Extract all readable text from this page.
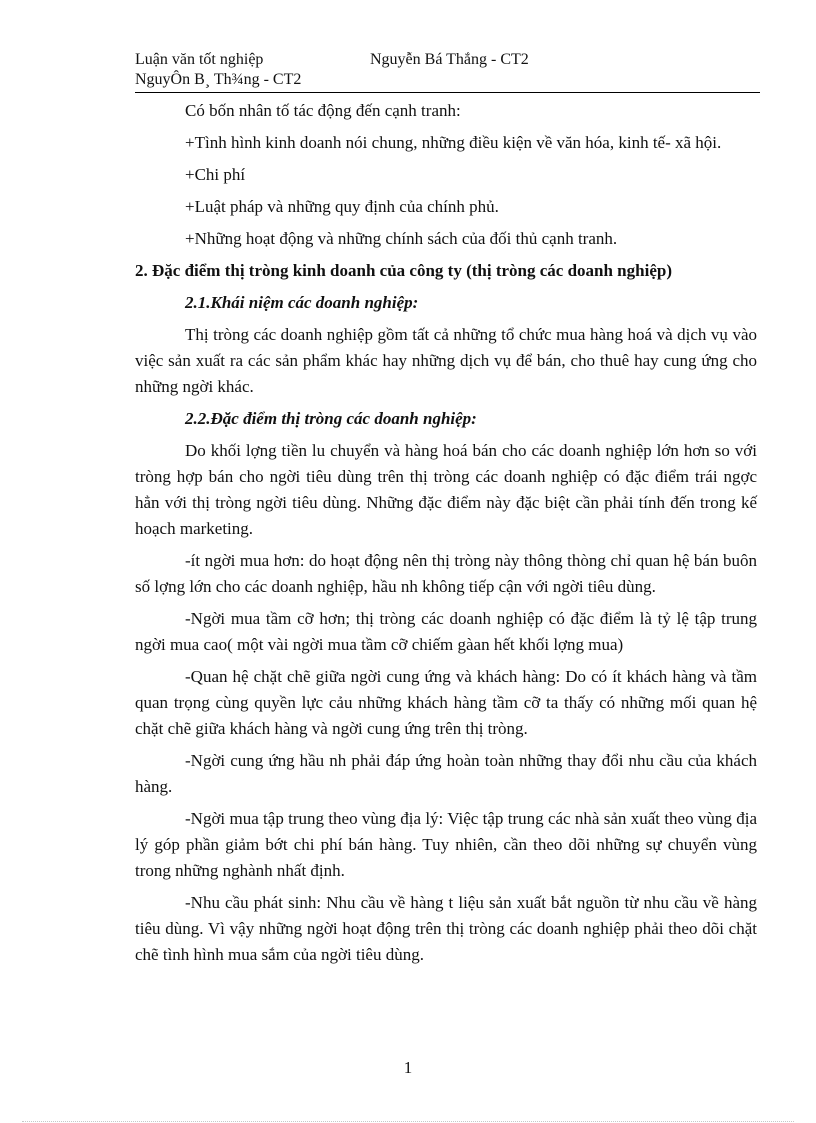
Luận văn tốt nghiệp	Nguyễn Bá Thắng - CT2
NguyÔn B¸ Th¾ng - CT2

Có bốn nhân tố tác động đến cạnh tranh:

+Tình hình kinh doanh nói chung, những điều kiện về văn hóa, kinh tế- xã hội.

+Chi phí

+Luật pháp và những quy định của chính phủ.

+Những hoạt động và những chính sách của đối thủ cạnh tranh.

2. Đặc điểm thị tròng kinh doanh của công ty (thị tròng các doanh nghiệp)

2.1.Khái niệm các doanh nghiệp:

Thị tròng các doanh nghiệp gồm tất cả những tổ chức mua hàng hoá và dịch vụ vào việc sản xuất ra các sản phẩm khác hay những dịch vụ để bán, cho thuê hay cung ứng cho những ngời khác.

2.2.Đặc điểm thị tròng các doanh nghiệp:

Do khối lợng tiền lu chuyển và hàng hoá bán cho các doanh nghiệp lớn hơn so với tròng hợp bán cho ngời tiêu dùng trên thị tròng các doanh nghiệp có đặc điểm trái ngợc hẳn với thị tròng ngời tiêu dùng. Những đặc điểm này đặc biệt cần phải tính đến trong kế hoạch marketing.

-ít ngời mua hơn: do hoạt động nên thị tròng này thông thòng chỉ quan hệ bán buôn số lợng lớn cho các doanh nghiệp, hầu nh không tiếp cận với ngời tiêu dùng.

-Ngời mua tầm cỡ hơn; thị tròng các doanh nghiệp có đặc điểm là tỷ lệ tập trung ngời mua cao( một vài ngời mua tầm cỡ chiếm gàan hết khối lợng mua)

-Quan hệ chặt chẽ giữa ngời cung ứng và khách hàng: Do có ít khách hàng và tầm quan trọng cùng quyền lực cảu những khách hàng tầm cỡ ta thấy có những mối quan hệ chặt chẽ giữa khách hàng và ngời cung ứng trên thị tròng.

-Ngời cung ứng hầu nh phải đáp ứng hoàn toàn những thay đổi nhu cầu của khách hàng.

-Ngời mua tập trung theo vùng địa lý: Việc tập trung các nhà sản xuất theo vùng địa lý góp phần giảm bớt chi phí bán hàng. Tuy nhiên, cần theo dõi những sự chuyển vùng trong những nghành nhất định.

-Nhu cầu phát sinh: Nhu cầu về hàng t liệu sản xuất bắt nguồn từ nhu cầu về hàng tiêu dùng. Vì vậy những ngời hoạt động trên thị tròng các doanh nghiệp phải theo dõi chặt chẽ tình hình mua sắm của ngời tiêu dùng.

1
